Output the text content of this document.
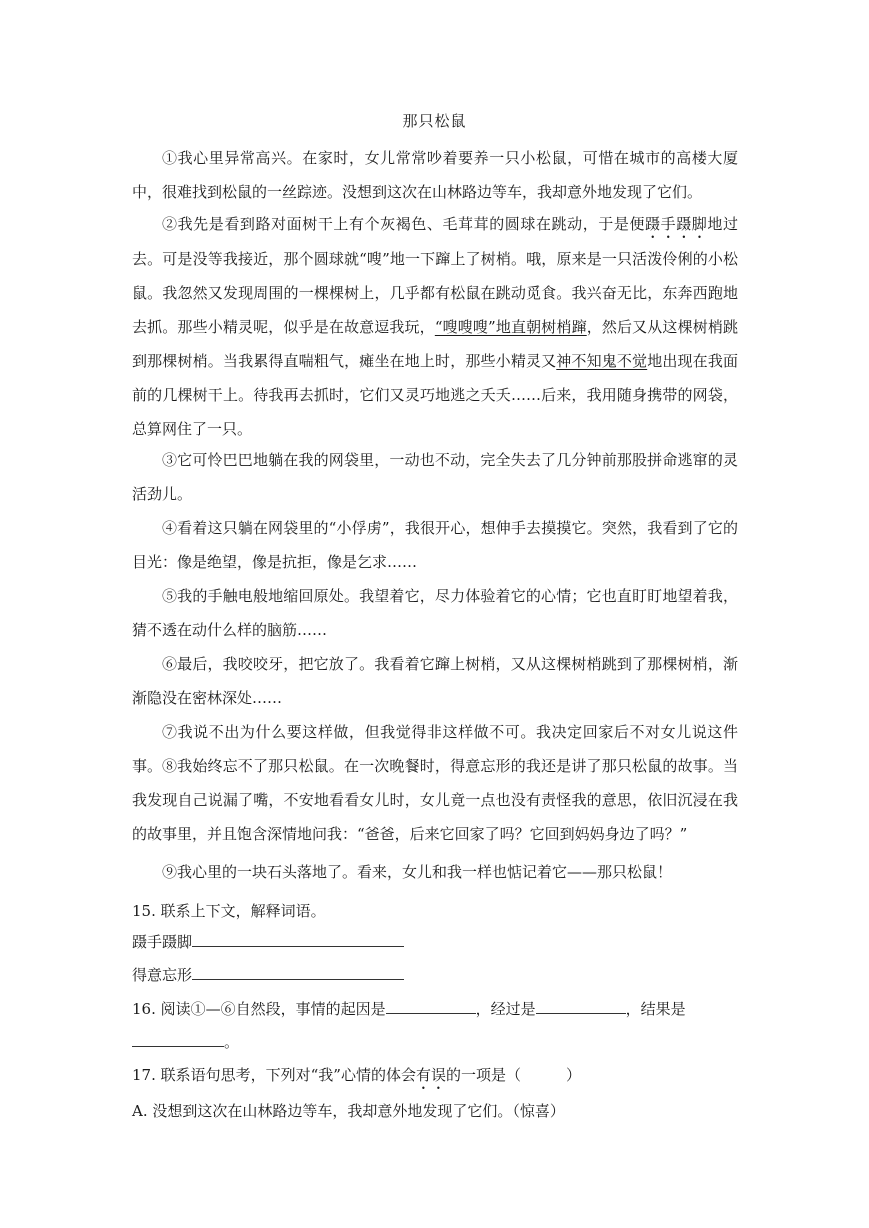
那只松鼠

①我心里异常高兴。在家时，女儿常常吵着要养一只小松鼠，可惜在城市的高楼大厦中，很难找到松鼠的一丝踪迹。没想到这次在山林路边等车，我却意外地发现了它们。

②我先是看到路对面树干上有个灰褐色、毛茸茸的圆球在跳动，于是便蹑手蹑脚地过去。可是没等我接近，那个圆球就“嗖”地一下蹿上了树梢。哦，原来是一只活泼伶俐的小松鼠。我忽然又发现周围的一棵棵树上，几乎都有松鼠在跳动觅食。我兴奋无比，东奔西跑地去抓。那些小精灵呢，似乎是在故意逗我玩，“嗖嗖嗖”地直朝树梢蹿，然后又从这棵树梢跳到那棵树梢。当我累得直喘粗气，瘫坐在地上时，那些小精灵又神不知鬼不觉地出现在我面前的几棵树干上。待我再去抓时，它们又灵巧地逃之夭夭……后来，我用随身携带的网袋，总算网住了一只。

③它可怜巴巴地躺在我的网袋里，一动也不动，完全失去了几分钟前那股拼命逃窜的灵活劲儿。

④看着这只躺在网袋里的“小俘虏”，我很开心，想伸手去摸摸它。突然，我看到了它的目光：像是绝望，像是抗拒，像是乞求……

⑤我的手触电般地缩回原处。我望着它，尽力体验着它的心情；它也直盯盯地望着我，猜不透在动什么样的脑筋……

⑥最后，我咬咬牙，把它放了。我看着它蹿上树梢，又从这棵树梢跳到了那棵树梢，渐渐隐没在密林深处……

⑦我说不出为什么要这样做，但我觉得非这样做不可。我决定回家后不对女儿说这件事。 ⑧我始终忘不了那只松鼠。在一次晚餐时，得意忘形的我还是讲了那只松鼠的故事。当我发现自己说漏了嘴，不安地看看女儿时，女儿竟一点也没有责怪我的意思，依旧沉浸在我的故事里，并且饱含深情地问我：“爸爸，后来它回家了吗？它回到妈妈身边了吗？”

⑨我心里的一块石头落地了。看来，女儿和我一样也惦记着它——那只松鼠！

15. 联系上下文，解释词语。
蹑手蹑脚
得意忘形
16. 阅读①—⑥自然段，事情的起因是	，经过是	，结果是
。
17. 联系语句思考，下列对“我”心情的体会有误的一项是（　　　）
A. 没想到这次在山林路边等车，我却意外地发现了它们。（惊喜）
